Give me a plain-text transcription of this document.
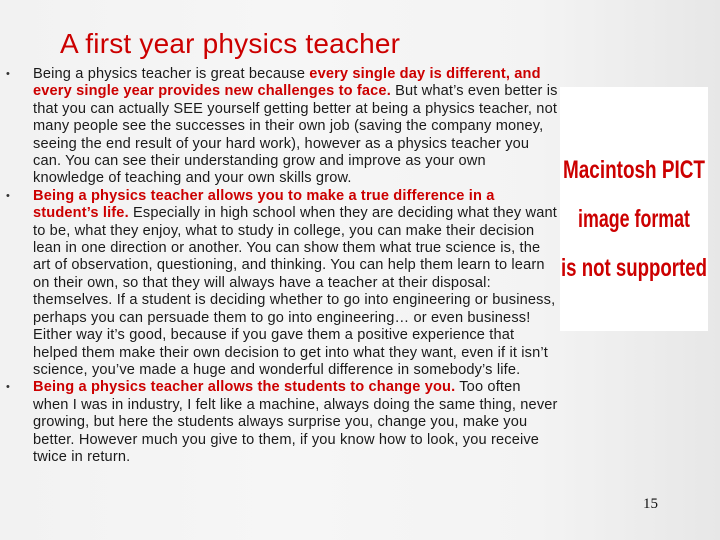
A first year physics teacher
• Being a physics teacher is great because every single day is different, and every single year provides new challenges to face. But what’s even better is that you can actually SEE yourself getting better at being a physics teacher, not many people see the successes in their own job (saving the company money, seeing the end result of your hard work), however as a physics teacher you can. You can see their understanding grow and improve as your own knowledge of teaching and your own skills grow.
• Being a physics teacher allows you to make a true difference in a student’s life. Especially in high school when they are deciding what they want to be, what they enjoy, what to study in college, you can make their decision lean in one direction or another. You can show them what true science is, the art of observation, questioning, and thinking. You can help them learn to learn on their own, so that they will always have a teacher at their disposal: themselves. If a student is deciding whether to go into engineering or business, perhaps you can persuade them to go into engineering… or even business! Either way it’s good, because if you gave them a positive experience that helped them make their own decision to get into what they want, even if it isn’t science, you’ve made a huge and wonderful difference in somebody’s life.
• Being a physics teacher allows the students to change you. Too often when I was in industry, I felt like a machine, always doing the same thing, never growing, but here the students always surprise you, change you, make you better. However much you give to them, if you know how to look, you receive twice in return.
Macintosh PICT
image format
is not supported
15
